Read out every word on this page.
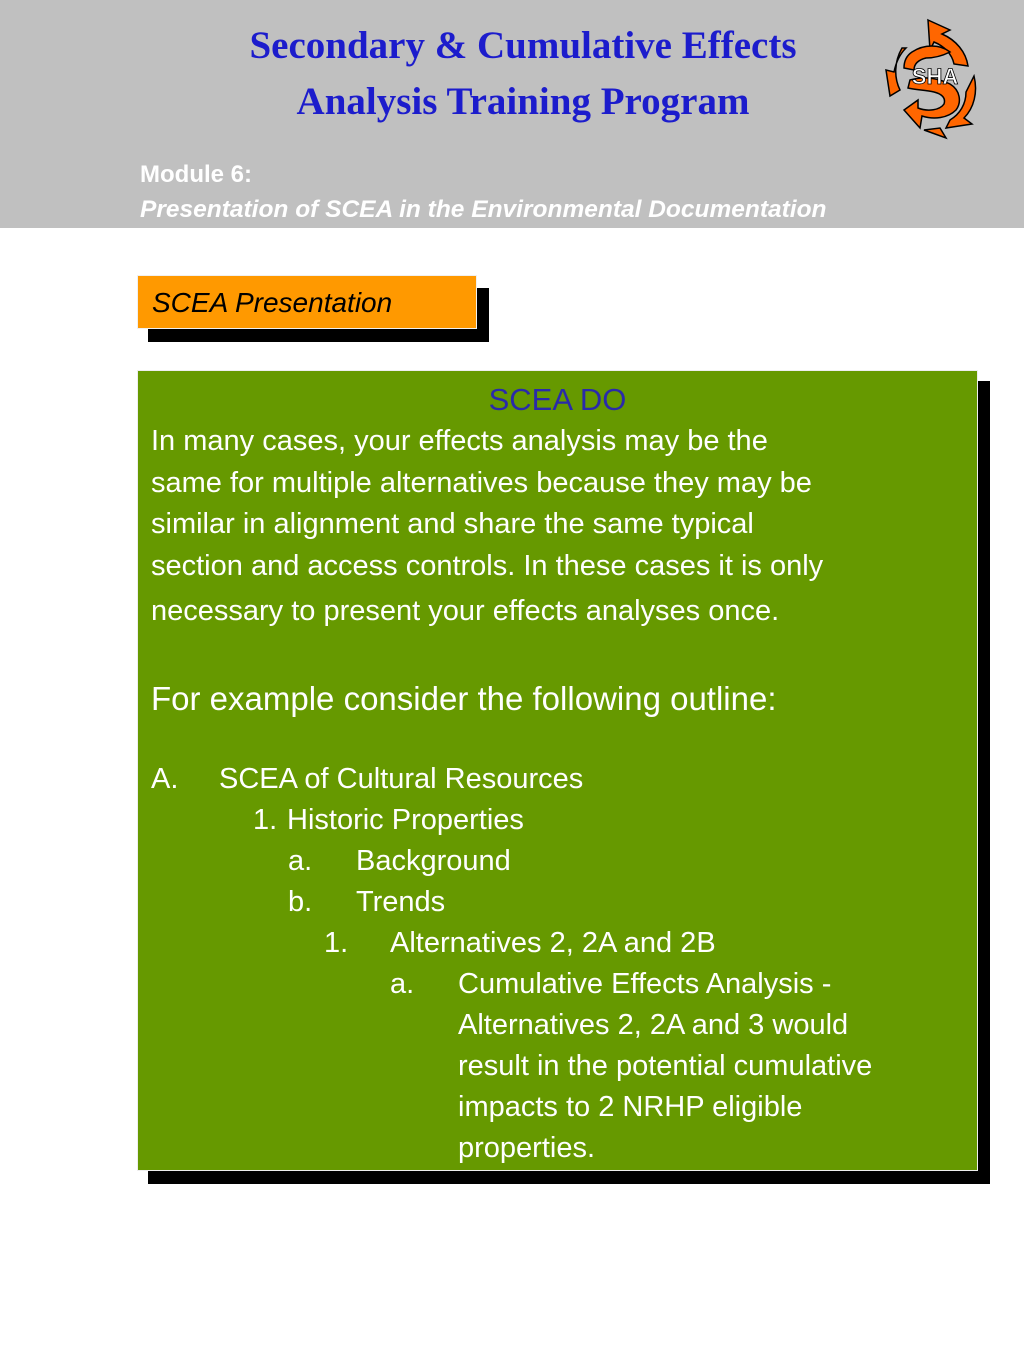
Secondary & Cumulative Effects
Analysis Training Program
SHA
Module 6:
Presentation of SCEA in the Environmental Documentation
SCEA Presentation
SCEA DO
In many cases, your effects analysis may be the
same for multiple alternatives because they may be
similar in alignment and share the same typical
section and access controls. In these cases it is only
necessary to present your effects analyses once.
For example consider the following outline:
A. SCEA of Cultural Resources
1. Historic Properties
a. Background
b. Trends
1. Alternatives 2, 2A and 2B
a. Cumulative Effects Analysis -
Alternatives 2, 2A and 3 would
result in the potential cumulative
impacts to 2 NRHP eligible
properties.
